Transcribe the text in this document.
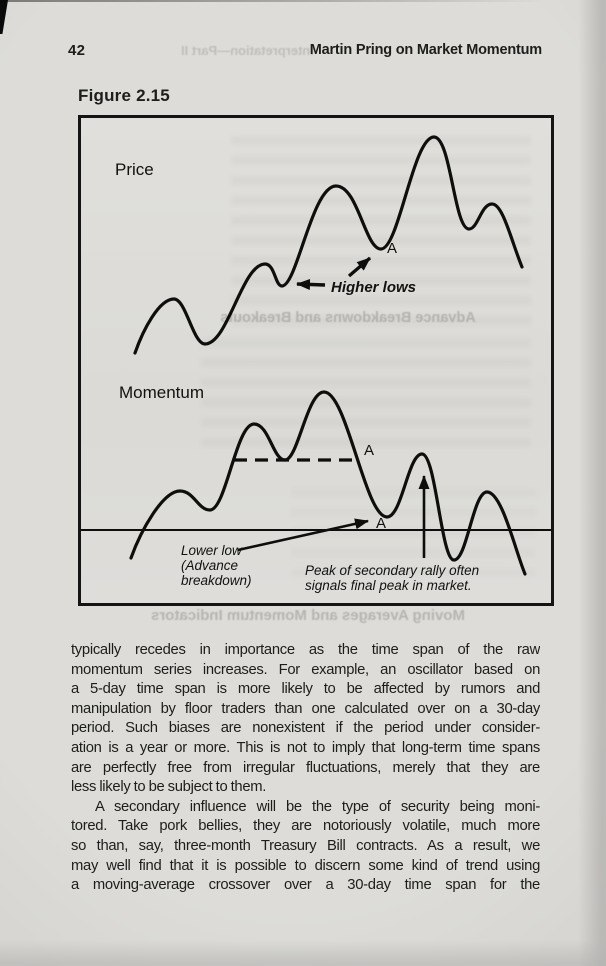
42	Interpretation—Part II
Martin Pring on Market Momentum
Figure 2.15
Advance Breakdowns and Breakouts
Price
Momentum
A
A
A
Higher lows
Lower low
(Advance
breakdown)
Peak of secondary rally often
signals final peak in market.
Moving Averages and Momentum Indicators
typically recedes in importance as the time span of the raw
momentum series increases. For example, an oscillator based on
a 5-day time span is more likely to be affected by rumors and
manipulation by floor traders than one calculated over on a 30-day
period. Such biases are nonexistent if the period under consider-
ation is a year or more. This is not to imply that long-term time spans
are perfectly free from irregular fluctuations, merely that they are
less likely to be subject to them.
A secondary influence will be the type of security being moni-
tored. Take pork bellies, they are notoriously volatile, much more
so than, say, three-month Treasury Bill contracts. As a result, we
may well find that it is possible to discern some kind of trend using
a moving-average crossover over a 30-day time span for the
